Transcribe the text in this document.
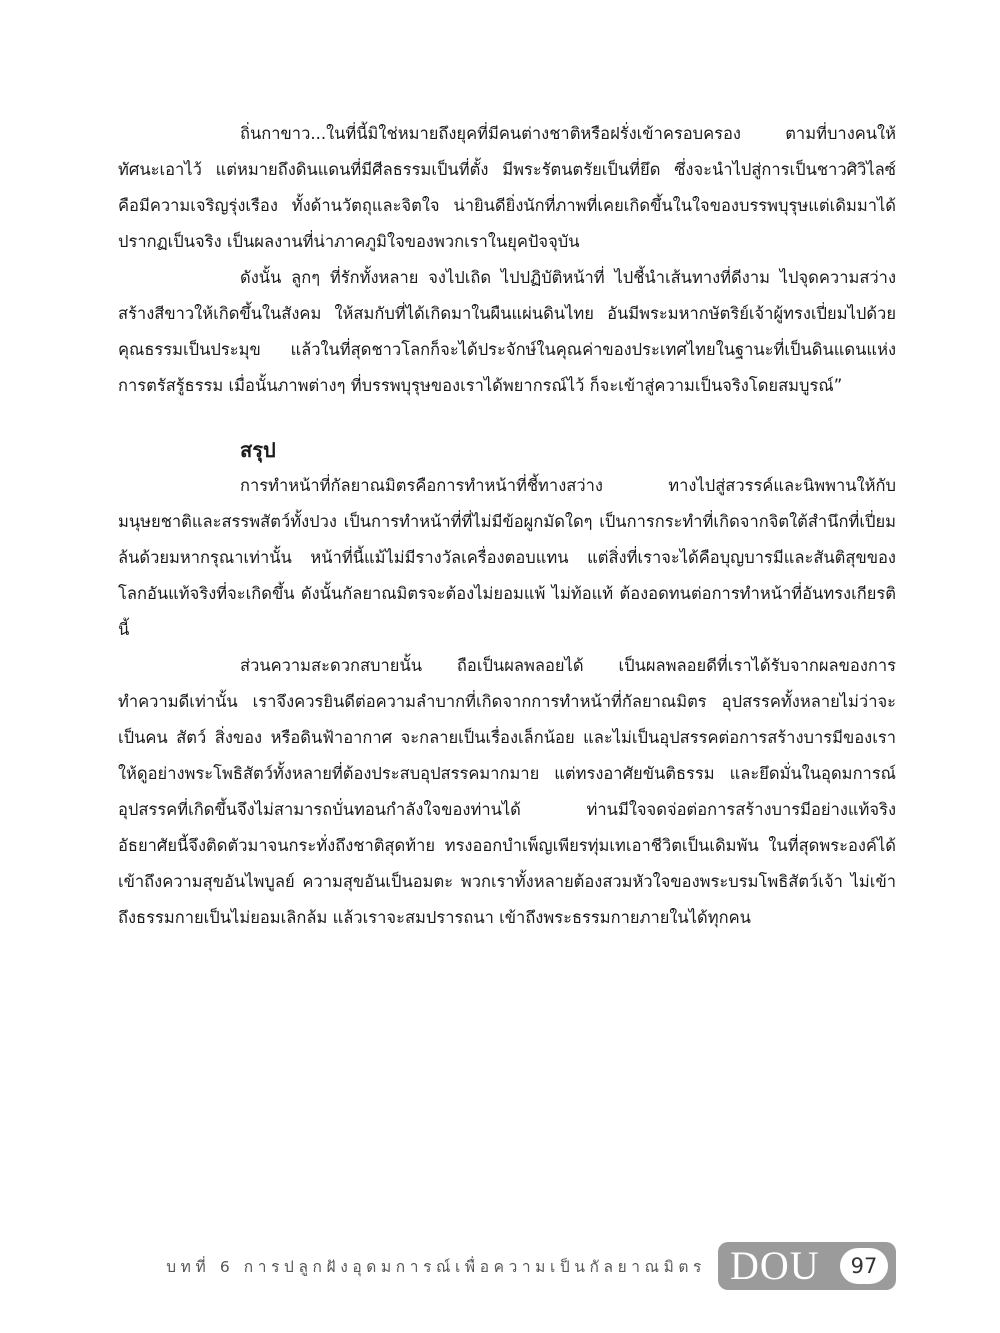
ถิ่นกาขาว...ในที่นี้มิใช่หมายถึงยุคที่มีคนต่างชาติหรือฝรั่งเข้าครอบครอง ตามที่บางคนให้ทัศนะเอาไว้ แต่หมายถึงดินแดนที่มีศีลธรรมเป็นที่ตั้ง มีพระรัตนตรัยเป็นที่ยึด ซึ่งจะนำไปสู่การเป็นชาวศิวิไลซ์ คือมีความเจริญรุ่งเรือง ทั้งด้านวัตถุและจิตใจ น่ายินดียิ่งนักที่ภาพที่เคยเกิดขึ้นในใจของบรรพบุรุษแต่เดิมมาได้ปรากฏเป็นจริง เป็นผลงานที่น่าภาคภูมิใจของพวกเราในยุคปัจจุบัน

ดังนั้น ลูกๆ ที่รักทั้งหลาย จงไปเถิด ไปปฏิบัติหน้าที่ ไปชี้นำเส้นทางที่ดีงาม ไปจุดความสว่าง สร้างสีขาวให้เกิดขึ้นในสังคม ให้สมกับที่ได้เกิดมาในผืนแผ่นดินไทย อันมีพระมหากษัตริย์เจ้าผู้ทรงเปี่ยมไปด้วยคุณธรรมเป็นประมุข แล้วในที่สุดชาวโลกก็จะได้ประจักษ์ในคุณค่าของประเทศไทยในฐานะที่เป็นดินแดนแห่งการตรัสรู้ธรรม เมื่อนั้นภาพต่างๆ ที่บรรพบุรุษของเราได้พยากรณ์ไว้ ก็จะเข้าสู่ความเป็นจริงโดยสมบูรณ์”

สรุป

การทำหน้าที่กัลยาณมิตรคือการทำหน้าที่ชี้ทางสว่าง ทางไปสู่สวรรค์และนิพพานให้กับมนุษยชาติและสรรพสัตว์ทั้งปวง เป็นการทำหน้าที่ที่ไม่มีข้อผูกมัดใดๆ เป็นการกระทำที่เกิดจากจิตใต้สำนึกที่เปี่ยมล้นด้วยมหากรุณาเท่านั้น หน้าที่นี้แม้ไม่มีรางวัลเครื่องตอบแทน แต่สิ่งที่เราจะได้คือบุญบารมีและสันติสุขของโลกอันแท้จริงที่จะเกิดขึ้น ดังนั้นกัลยาณมิตรจะต้องไม่ยอมแพ้ ไม่ท้อแท้ ต้องอดทนต่อการทำหน้าที่อันทรงเกียรตินี้

ส่วนความสะดวกสบายนั้น ถือเป็นผลพลอยได้ เป็นผลพลอยดีที่เราได้รับจากผลของการทำความดีเท่านั้น เราจึงควรยินดีต่อความลำบากที่เกิดจากการทำหน้าที่กัลยาณมิตร อุปสรรคทั้งหลายไม่ว่าจะเป็นคน สัตว์ สิ่งของ หรือดินฟ้าอากาศ จะกลายเป็นเรื่องเล็กน้อย และไม่เป็นอุปสรรคต่อการสร้างบารมีของเรา ให้ดูอย่างพระโพธิสัตว์ทั้งหลายที่ต้องประสบอุปสรรคมากมาย แต่ทรงอาศัยขันติธรรม และยึดมั่นในอุดมการณ์ อุปสรรคที่เกิดขึ้นจึงไม่สามารถบั่นทอนกำลังใจของท่านได้ ท่านมีใจจดจ่อต่อการสร้างบารมีอย่างแท้จริง อัธยาศัยนี้จึงติดตัวมาจนกระทั่งถึงชาติสุดท้าย ทรงออกบำเพ็ญเพียรทุ่มเทเอาชีวิตเป็นเดิมพัน ในที่สุดพระองค์ได้เข้าถึงความสุขอันไพบูลย์ ความสุขอันเป็นอมตะ พวกเราทั้งหลายต้องสวมหัวใจของพระบรมโพธิสัตว์เจ้า ไม่เข้าถึงธรรมกายเป็นไม่ยอมเลิกล้ม แล้วเราจะสมปรารถนา เข้าถึงพระธรรมกายภายในได้ทุกคน

บทที่ 6 การปลูกฝังอุดมการณ์เพื่อความเป็นกัลยาณมิตร DOU	97
